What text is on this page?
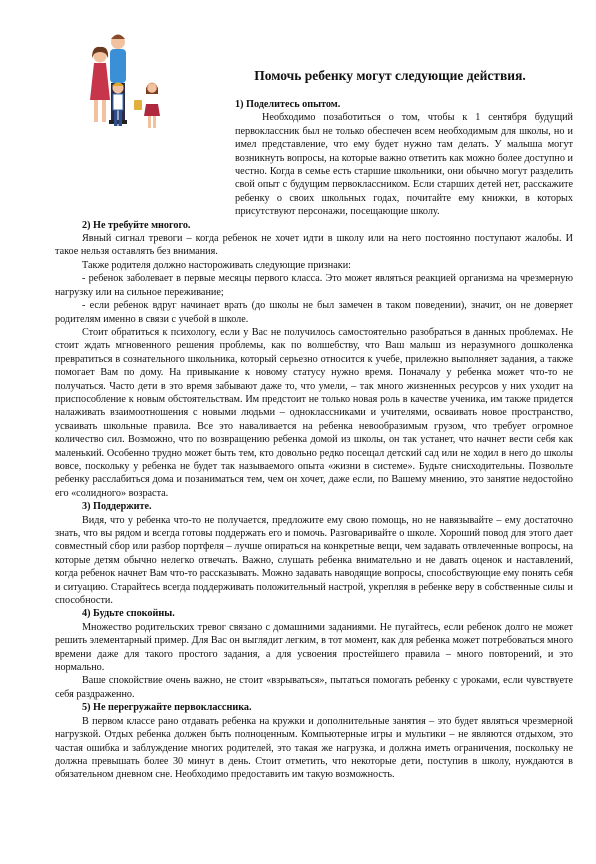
Помочь ребенку могут следующие действия.

1) Поделитесь опытом.

Необходимо позаботиться о том, чтобы к 1 сентября будущий первоклассник был не только обеспечен всем необходимым для школы, но и имел представление, что ему будет нужно там делать. У малыша могут возникнуть вопросы, на которые важно ответить как можно более доступно и честно. Когда в семье есть старшие школьники, они обычно могут разделить свой опыт с будущим первоклассником. Если старших детей нет, расскажите ребенку о своих школьных годах, почитайте ему книжки, в которых присутствуют персонажи, посещающие школу.

2) Не требуйте многого.

Явный сигнал тревоги – когда ребенок не хочет идти в школу или на него постоянно поступают жалобы. И такое нельзя оставлять без внимания.

Также родителя должно настороживать следующие признаки:

- ребенок заболевает в первые месяцы первого класса. Это может являться реакцией организма на чрезмерную нагрузку или на сильное переживание;

- если ребенок вдруг начинает врать (до школы не был замечен в таком поведении), значит, он не доверяет родителям именно в связи с учебой в школе.

Стоит обратиться к психологу, если у Вас не получилось самостоятельно разобраться в данных проблемах. Не стоит ждать мгновенного решения проблемы, как по волшебству, что Ваш малыш из неразумного дошколенка превратиться в сознательного школьника, который серьезно относится к учебе, прилежно выполняет задания, а также помогает Вам по дому. На привыкание к новому статусу нужно время. Поначалу у ребенка может что-то не получаться. Часто дети в это время забывают даже то, что умели, – так много жизненных ресурсов у них уходит на приспособление к новым обстоятельствам. Им предстоит не только новая роль в качестве ученика, им также придется налаживать взаимоотношения с новыми людьми – одноклассниками и учителями, осваивать новое пространство, усваивать школьные правила. Все это наваливается на ребенка невообразимым грузом, что требует огромное количество сил. Возможно, что по возвращению ребенка домой из школы, он так устанет, что начнет вести себя как маленький. Особенно трудно может быть тем, кто довольно редко посещал детский сад или не ходил в него до школы вовсе, поскольку у ребенка не будет так называемого опыта «жизни в системе». Будьте снисходительны. Позвольте ребенку расслабиться дома и позаниматься тем, чем он хочет, даже если, по Вашему мнению, это занятие недостойно его «солидного» возраста.

3) Поддержите.

Видя, что у ребенка что-то не получается, предложите ему свою помощь, но не навязывайте – ему достаточно знать, что вы рядом и всегда готовы поддержать его и помочь. Разговаривайте о школе. Хороший повод для этого дает совместный сбор или разбор портфеля – лучше опираться на конкретные вещи, чем задавать отвлеченные вопросы, на которые детям обычно нелегко отвечать. Важно, слушать ребенка внимательно и не давать оценок и наставлений, когда ребенок начнет Вам что-то рассказывать. Можно задавать наводящие вопросы, способствующие ему понять себя и ситуацию. Старайтесь всегда поддерживать положительный настрой, укрепляя в ребенке веру в собственные силы и способности.

4) Будьте спокойны.

Множество родительских тревог связано с домашними заданиями. Не пугайтесь, если ребенок долго не может решить элементарный пример. Для Вас он выглядит легким, в тот момент, как для ребенка может потребоваться много времени даже для такого простого задания, а для усвоения простейшего правила – много повторений, и это нормально.

Ваше спокойствие очень важно, не стоит «взрываться», пытаться помогать ребенку с уроками, если чувствуете себя раздраженно.

5) Не перегружайте первоклассника.

В первом классе рано отдавать ребенка на кружки и дополнительные занятия – это будет являться чрезмерной нагрузкой. Отдых ребенка должен быть полноценным. Компьютерные игры и мультики – не являются отдыхом, это частая ошибка и заблуждение многих родителей, это такая же нагрузка, и должна иметь ограничения, поскольку не должна превышать более 30 минут в день. Стоит отметить, что некоторые дети, поступив в школу, нуждаются в обязательном дневном сне. Необходимо предоставить им такую возможность.
